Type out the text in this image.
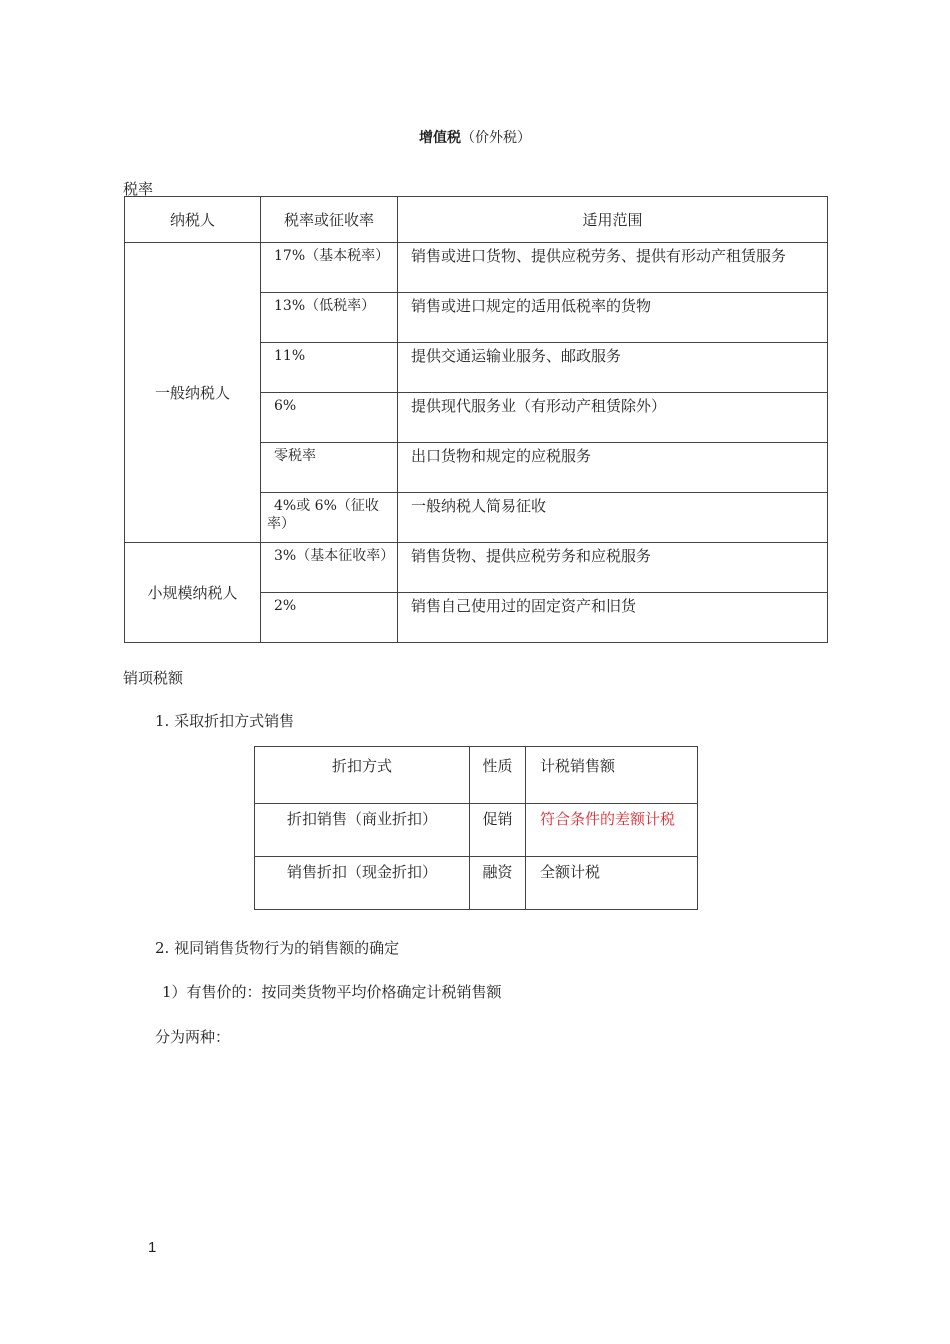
增值税（价外税）
税率
纳税人	税率或征收率	适用范围
一般纳税人	17%（基本税率）	销售或进口货物、提供应税劳务、提供有形动产租赁服务
	13%（低税率）	销售或进口规定的适用低税率的货物
	11%	提供交通运输业服务、邮政服务
	6%	提供现代服务业（有形动产租赁除外）
	零税率	出口货物和规定的应税服务
	4%或 6%（征收率）	一般纳税人简易征收
小规模纳税人	3%（基本征收率）	销售货物、提供应税劳务和应税服务
	2%	销售自己使用过的固定资产和旧货
销项税额
1. 采取折扣方式销售
折扣方式	性质	计税销售额
折扣销售（商业折扣）	促销	符合条件的差额计税
销售折扣（现金折扣）	融资	全额计税
2. 视同销售货物行为的销售额的确定
1）有售价的：按同类货物平均价格确定计税销售额
分为两种：
1
